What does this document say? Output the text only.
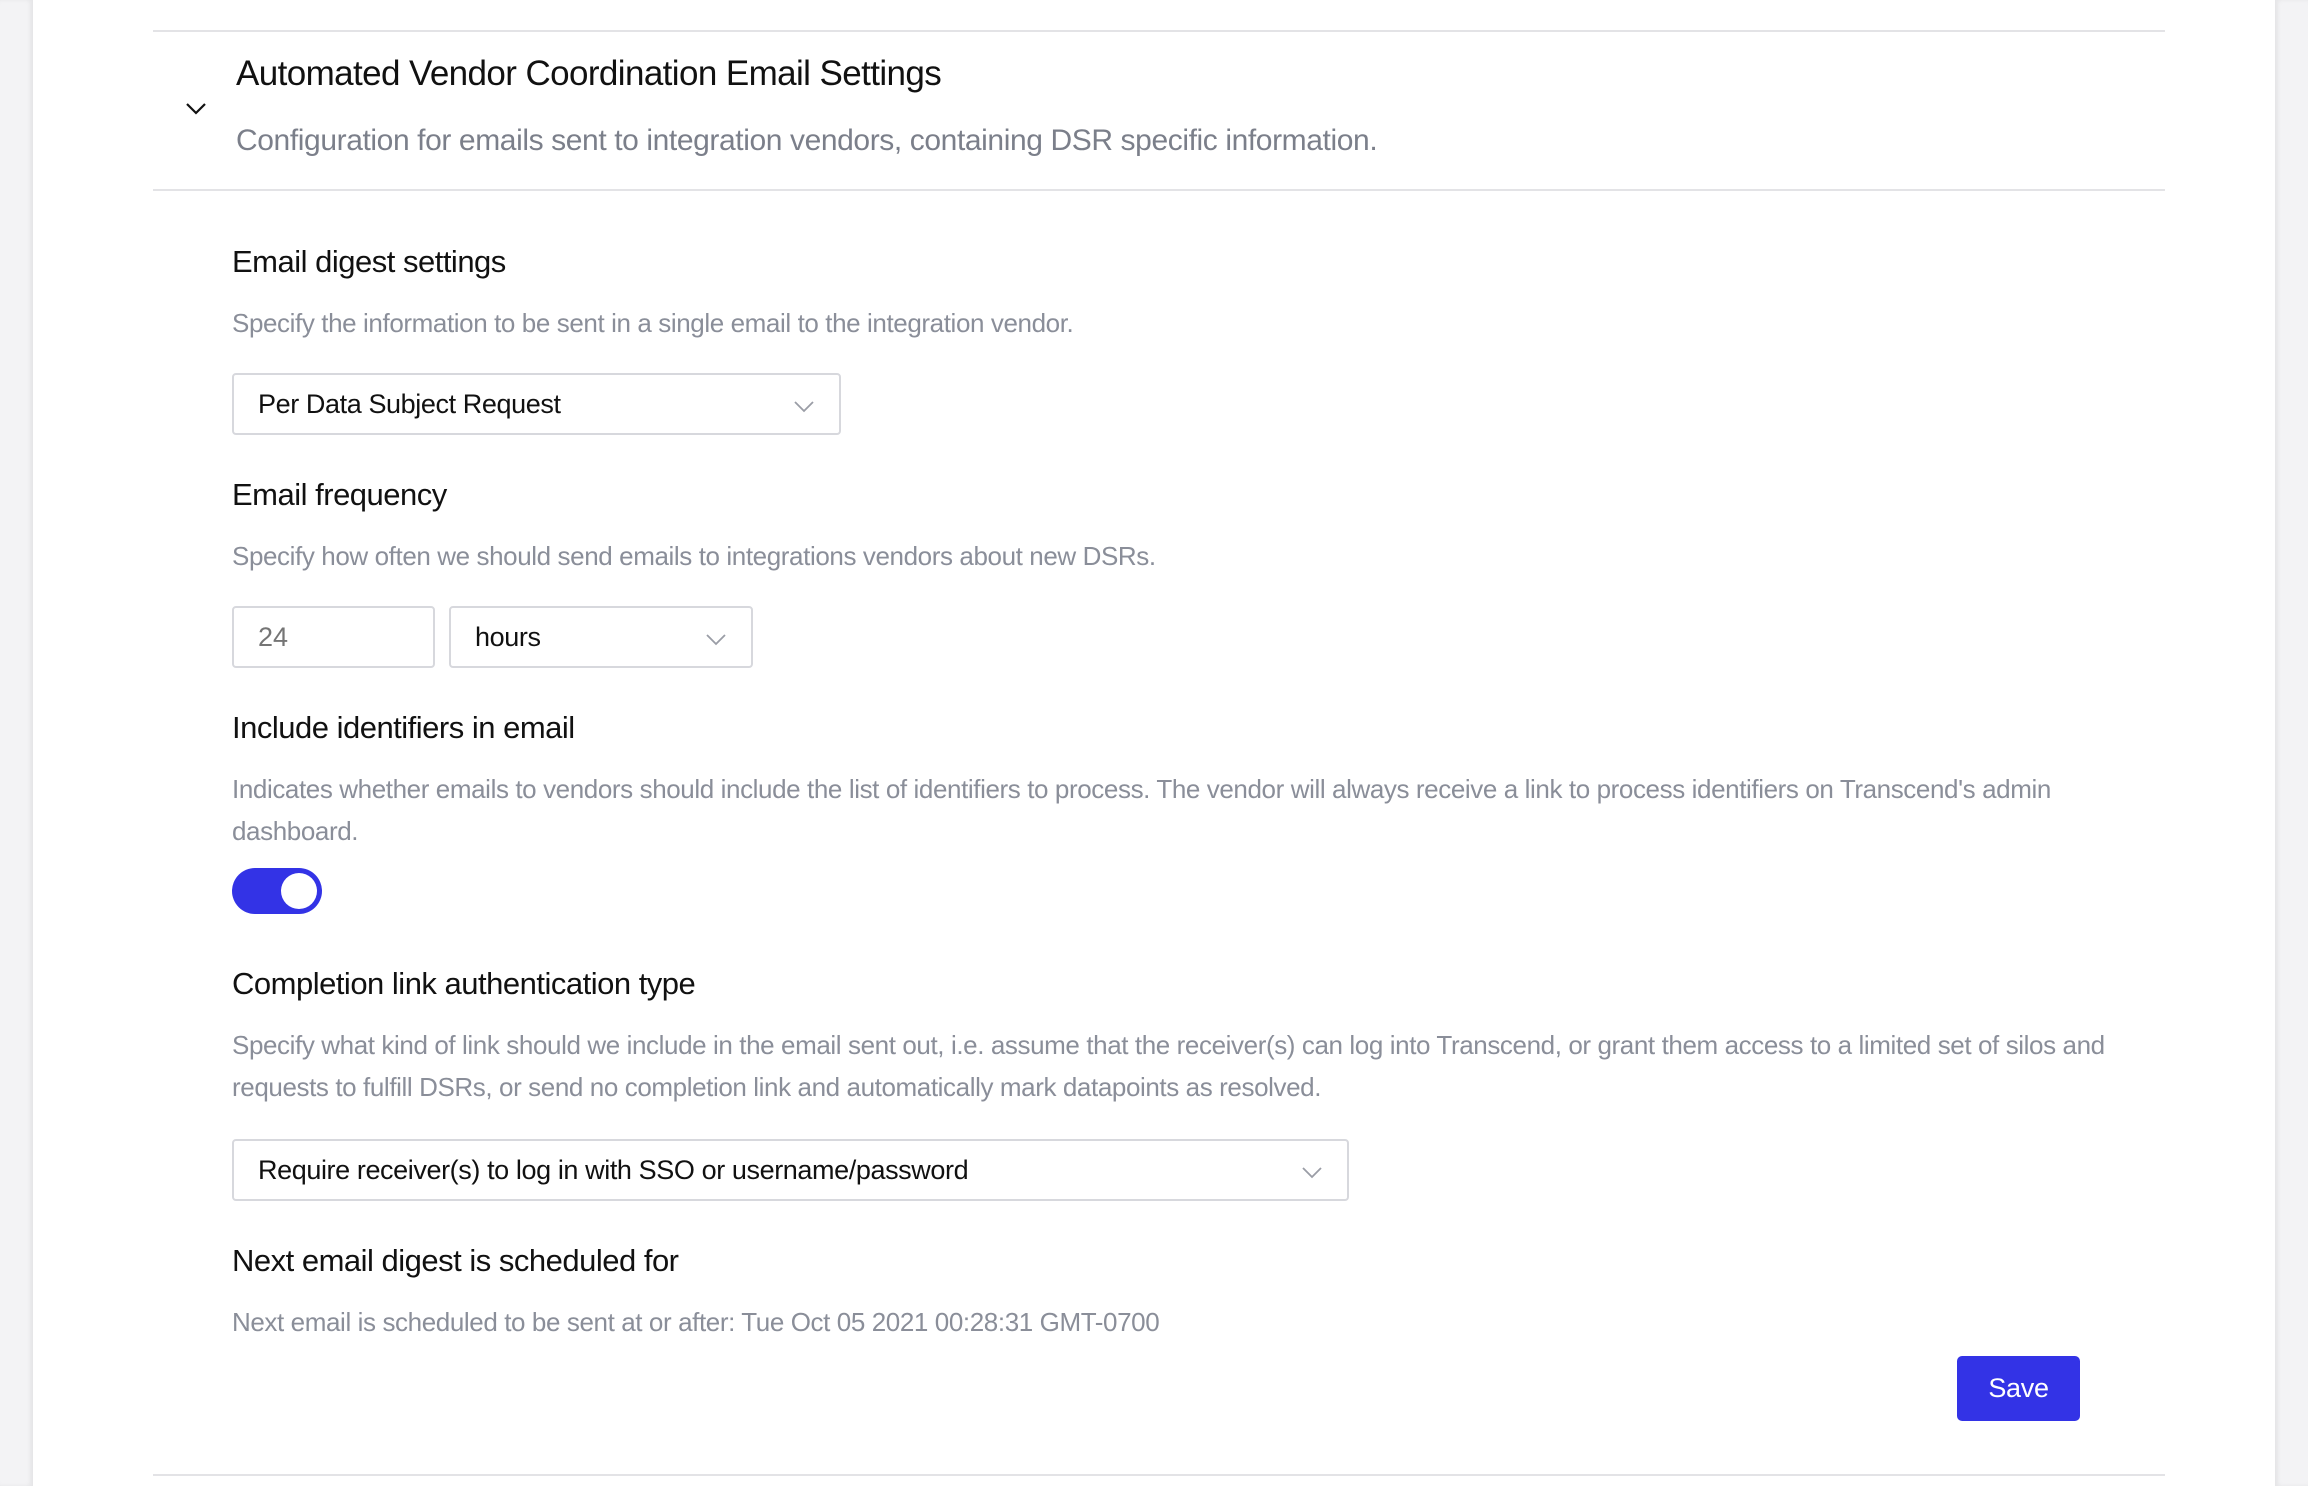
Automated Vendor Coordination Email Settings
Configuration for emails sent to integration vendors, containing DSR specific information.
Email digest settings
Specify the information to be sent in a single email to the integration vendor.
Per Data Subject Request
Email frequency
Specify how often we should send emails to integrations vendors about new DSRs.
24
hours
Include identifiers in email
Indicates whether emails to vendors should include the list of identifiers to process. The vendor will always receive a link to process identifiers on Transcend's admin dashboard.
Completion link authentication type
Specify what kind of link should we include in the email sent out, i.e. assume that the receiver(s) can log into Transcend, or grant them access to a limited set of silos and requests to fulfill DSRs, or send no completion link and automatically mark datapoints as resolved.
Require receiver(s) to log in with SSO or username/password
Next email digest is scheduled for
Next email is scheduled to be sent at or after: Tue Oct 05 2021 00:28:31 GMT-0700
Save
